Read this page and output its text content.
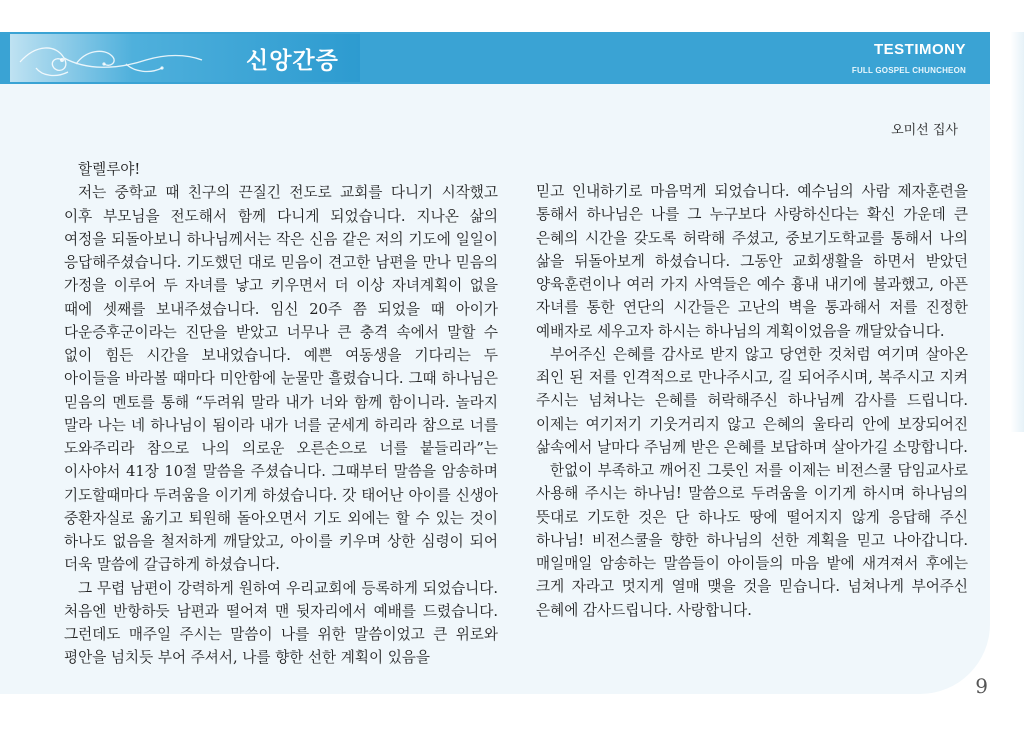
신앙간증	TESTIMONY
FULL GOSPEL CHUNCHEON
오미선 집사

할렐루야!

저는 중학교 때 친구의 끈질긴 전도로 교회를 다니기 시작했고 이후 부모님을 전도해서 함께 다니게 되었습니다. 지나온 삶의 여정을 되돌아보니 하나님께서는 작은 신음 같은 저의 기도에 일일이 응답해주셨습니다. 기도했던 대로 믿음이 견고한 남편을 만나 믿음의 가정을 이루어 두 자녀를 낳고 키우면서 더 이상 자녀계획이 없을 때에 셋째를 보내주셨습니다. 임신 20주 쯤 되었을 때 아이가 다운증후군이라는 진단을 받았고 너무나 큰 충격 속에서 말할 수 없이 힘든 시간을 보내었습니다. 예쁜 여동생을 기다리는 두 아이들을 바라볼 때마다 미안함에 눈물만 흘렸습니다. 그때 하나님은 믿음의 멘토를 통해 “두려워 말라 내가 너와 함께 함이니라. 놀라지 말라 나는 네 하나님이 됨이라 내가 너를 굳세게 하리라 참으로 너를 도와주리라 참으로 나의 의로운 오른손으로 너를 붙들리라”는 이사야서 41장 10절 말씀을 주셨습니다. 그때부터 말씀을 암송하며 기도할때마다 두려움을 이기게 하셨습니다. 갓 태어난 아이를 신생아 중환자실로 옮기고 퇴원해 돌아오면서 기도 외에는 할 수 있는 것이 하나도 없음을 철저하게 깨달았고, 아이를 키우며 상한 심령이 되어 더욱 말씀에 갈급하게 하셨습니다.

그 무렵 남편이 강력하게 원하여 우리교회에 등록하게 되었습니다. 처음엔 반항하듯 남편과 떨어져 맨 뒷자리에서 예배를 드렸습니다. 그런데도 매주일 주시는 말씀이 나를 위한 말씀이었고 큰 위로와 평안을 넘치듯 부어 주셔서, 나를 향한 선한 계획이 있음을

믿고 인내하기로 마음먹게 되었습니다. 예수님의 사람 제자훈련을 통해서 하나님은 나를 그 누구보다 사랑하신다는 확신 가운데 큰 은혜의 시간을 갖도록 허락해 주셨고, 중보기도학교를 통해서 나의 삶을 뒤돌아보게 하셨습니다. 그동안 교회생활을 하면서 받았던 양육훈련이나 여러 가지 사역들은 예수 흉내 내기에 불과했고, 아픈 자녀를 통한 연단의 시간들은 고난의 벽을 통과해서 저를 진정한 예배자로 세우고자 하시는 하나님의 계획이었음을 깨달았습니다.

부어주신 은혜를 감사로 받지 않고 당연한 것처럼 여기며 살아온 죄인 된 저를 인격적으로 만나주시고, 길 되어주시며, 복주시고 지켜 주시는 넘쳐나는 은혜를 허락해주신 하나님께 감사를 드립니다. 이제는 여기저기 기웃거리지 않고 은혜의 울타리 안에 보장되어진 삶속에서 날마다 주님께 받은 은혜를 보답하며 살아가길 소망합니다.

한없이 부족하고 깨어진 그릇인 저를 이제는 비전스쿨 담임교사로 사용해 주시는 하나님! 말씀으로 두려움을 이기게 하시며 하나님의 뜻대로 기도한 것은 단 하나도 땅에 떨어지지 않게 응답해 주신 하나님! 비전스쿨을 향한 하나님의 선한 계획을 믿고 나아갑니다. 매일매일 암송하는 말씀들이 아이들의 마음 밭에 새겨져서 후에는 크게 자라고 멋지게 열매 맺을 것을 믿습니다. 넘쳐나게 부어주신 은혜에 감사드립니다. 사랑합니다.

9
